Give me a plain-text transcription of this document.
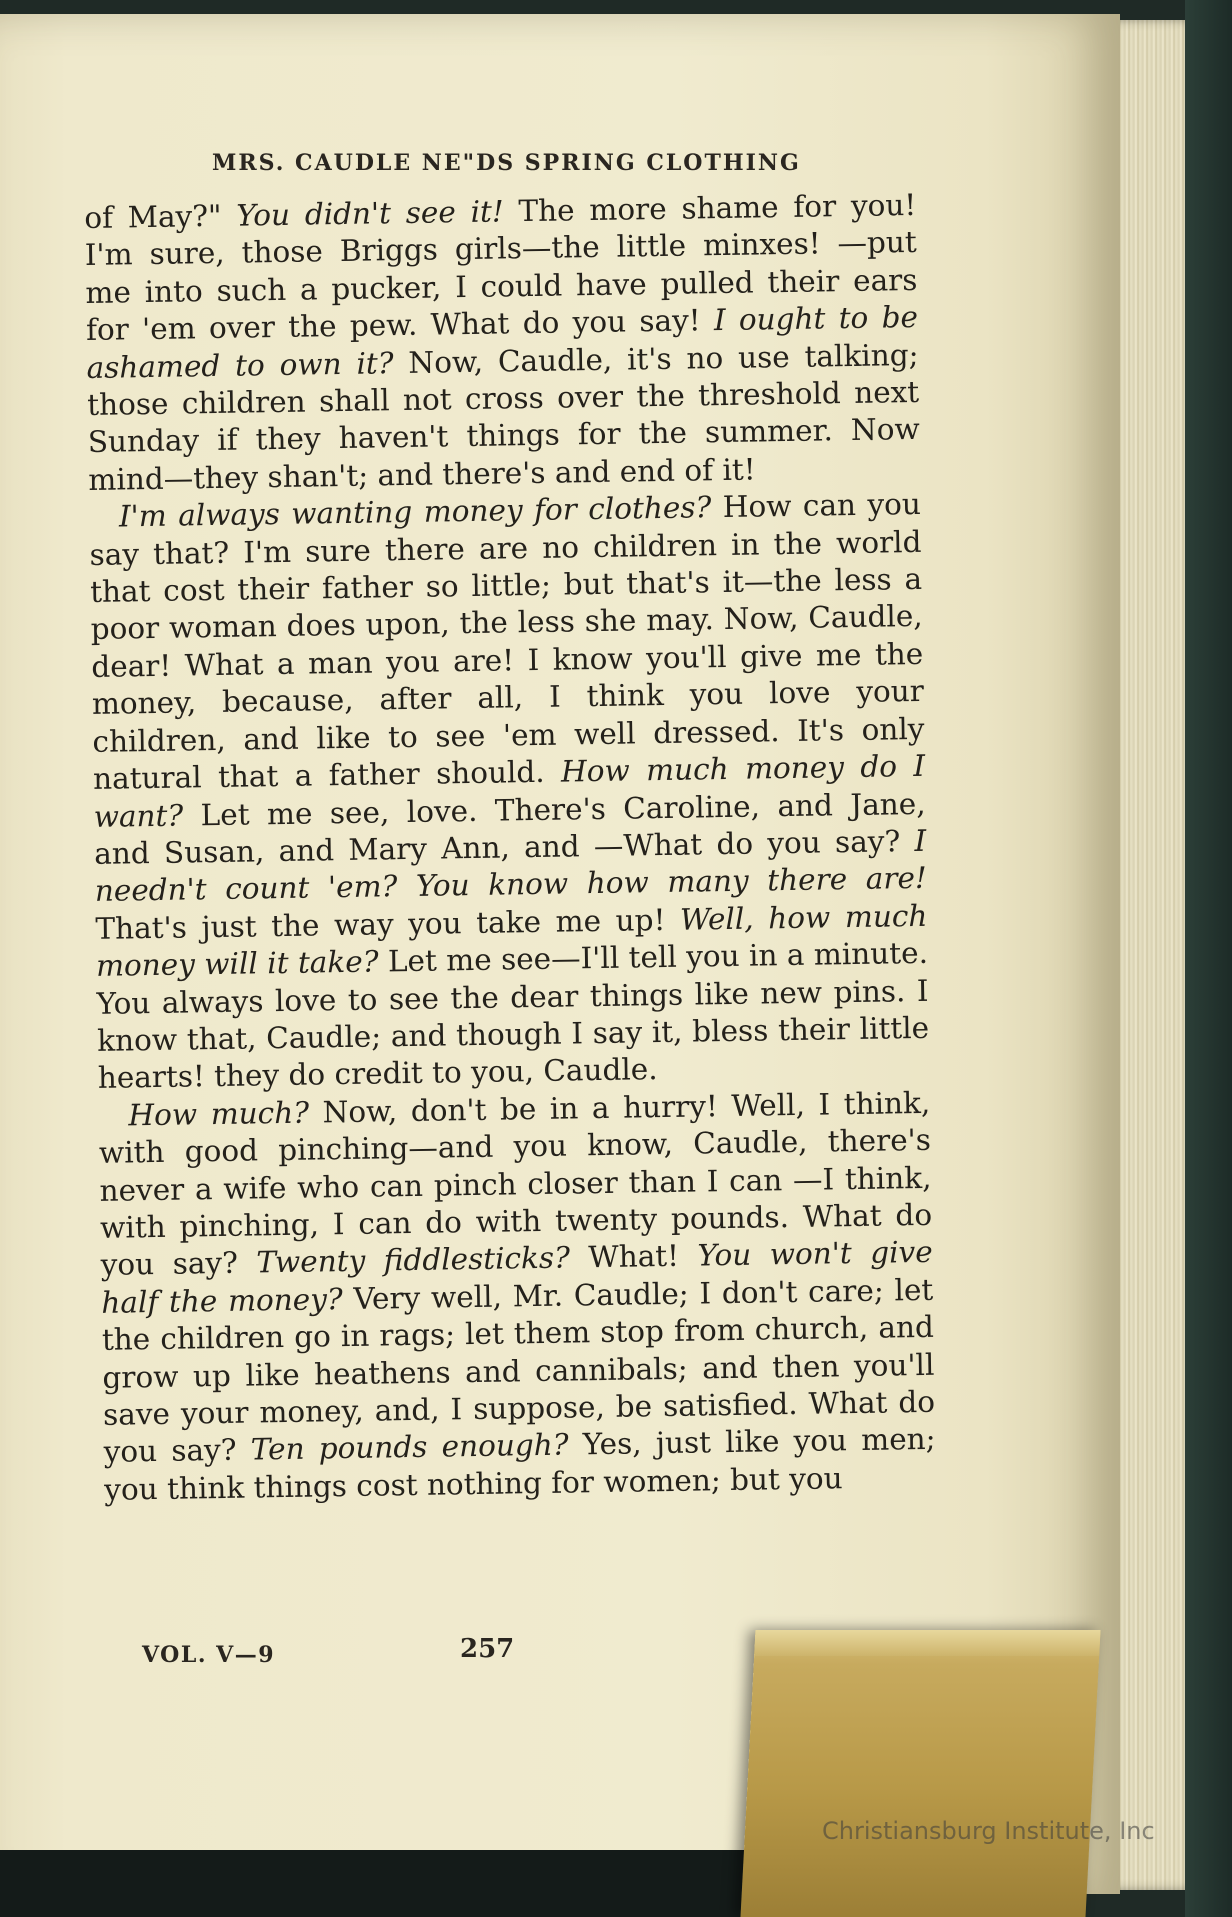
MRS. CAUDLE NE"DS SPRING CLOTHING

of May?" You didn't see it! The more shame for you! I'm sure, those Briggs girls—the little minxes! —put me into such a pucker, I could have pulled their ears for 'em over the pew. What do you say! I ought to be ashamed to own it? Now, Caudle, it's no use talking; those children shall not cross over the threshold next Sunday if they haven't things for the summer. Now mind—they shan't; and there's and end of it!

I'm always wanting money for clothes? How can you say that? I'm sure there are no children in the world that cost their father so little; but that's it—the less a poor woman does upon, the less she may. Now, Caudle, dear! What a man you are! I know you'll give me the money, because, after all, I think you love your children, and like to see 'em well dressed. It's only natural that a father should. How much money do I want? Let me see, love. There's Caroline, and Jane, and Susan, and Mary Ann, and —What do you say? I needn't count 'em? You know how many there are! That's just the way you take me up! Well, how much money will it take? Let me see—I'll tell you in a minute. You always love to see the dear things like new pins. I know that, Caudle; and though I say it, bless their little hearts! they do credit to you, Caudle.

How much? Now, don't be in a hurry! Well, I think, with good pinching—and you know, Caudle, there's never a wife who can pinch closer than I can —I think, with pinching, I can do with twenty pounds. What do you say? Twenty fiddlesticks? What! You won't give half the money? Very well, Mr. Caudle; I don't care; let the children go in rags; let them stop from church, and grow up like heathens and cannibals; and then you'll save your money, and, I suppose, be satisfied. What do you say? Ten pounds enough? Yes, just like you men; you think things cost nothing for women; but you

VOL. V—9	257
Christiansburg Institute, Inc
